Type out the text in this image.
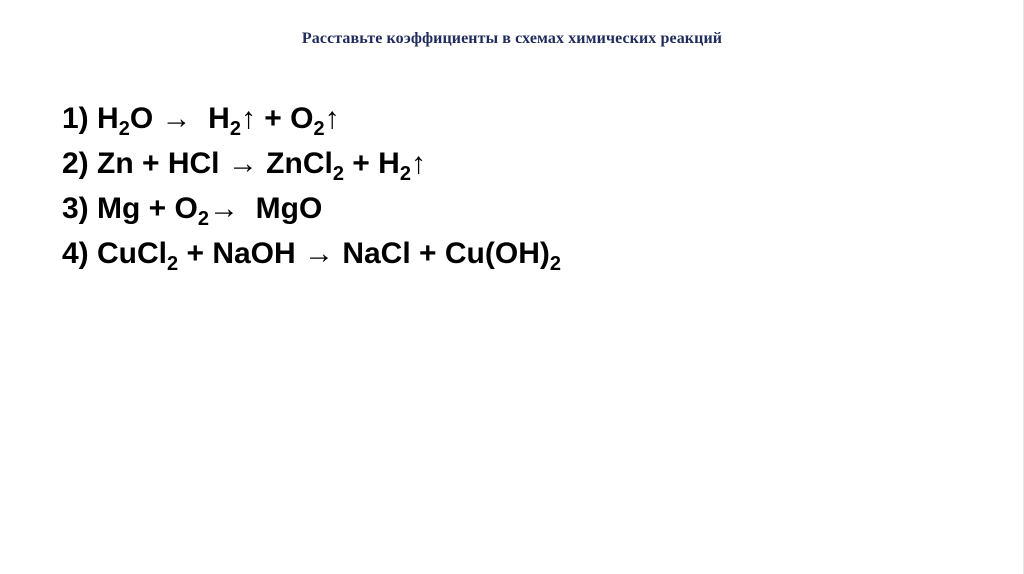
Расставьте коэффициенты в схемах химических реакций
1) $H_2O$ →  $H_2↑$ + $O_2↑$
2) Zn + HCl → ZnCl$_2$ + $H_2↑$
3) $Mg + O_2\to$  MgO
4) CuCl$_2$ + NaOH → NaCl + $Cu(OH)_2$
